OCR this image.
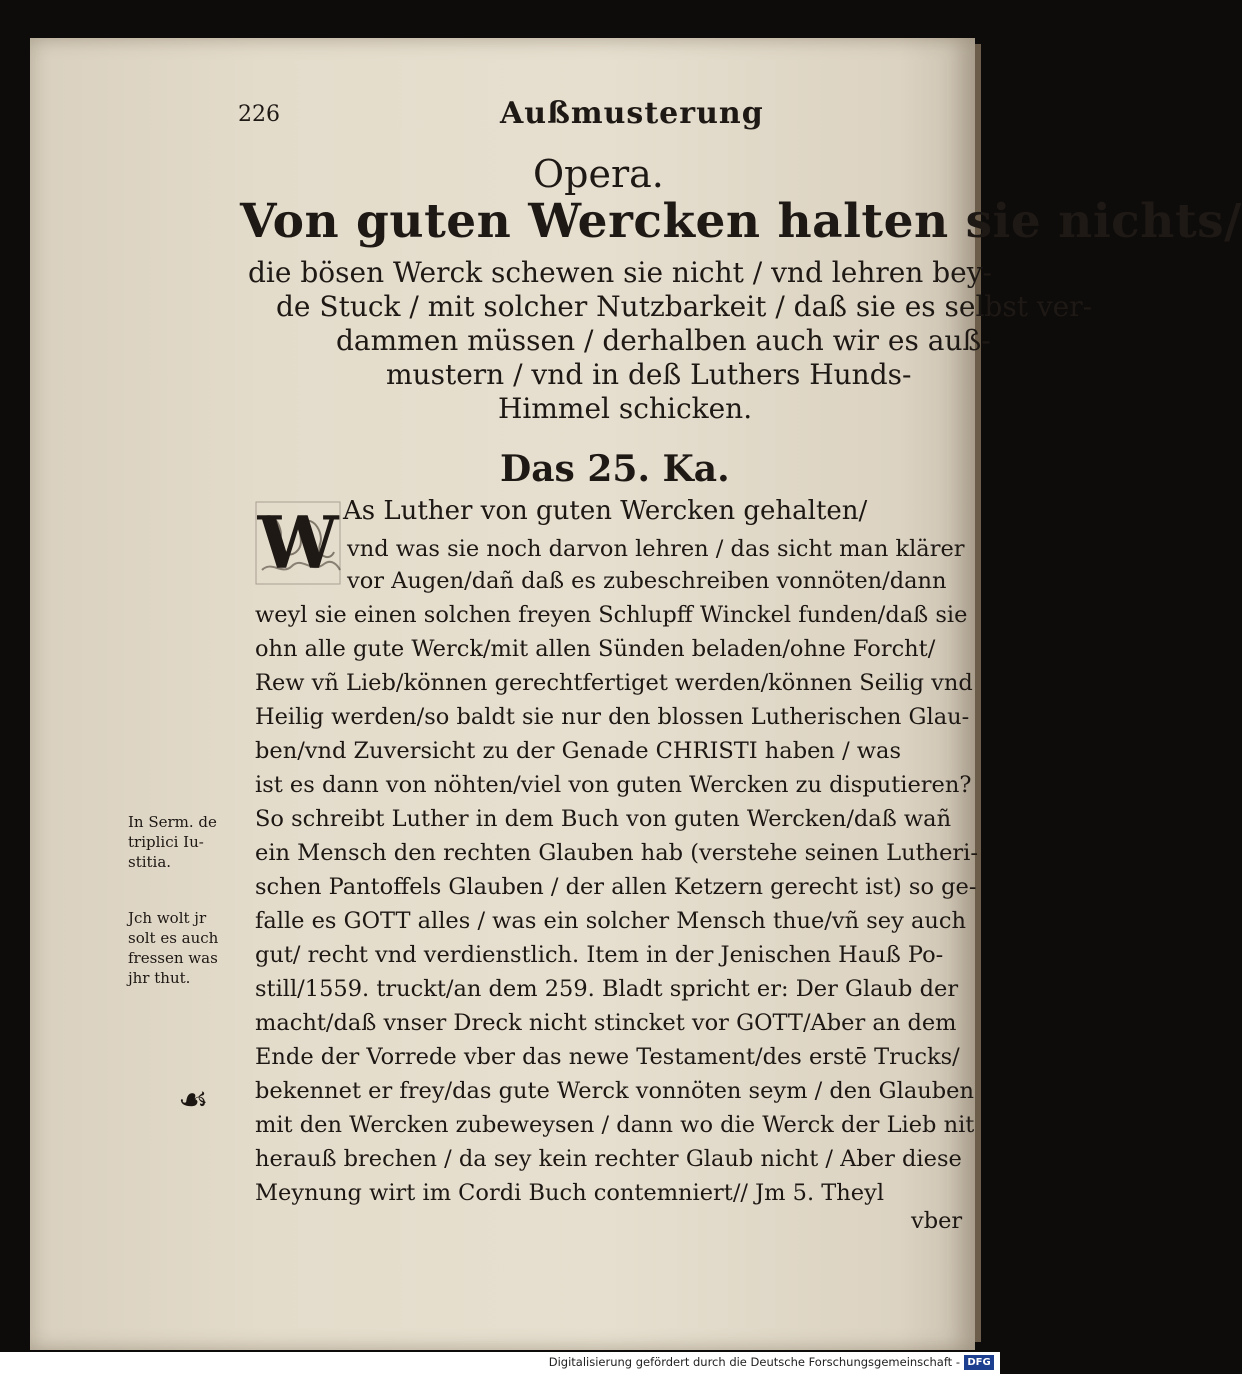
226	Außmusterung
Opera.
Von guten Wercken halten sie nichts/
die bösen Werck schewen sie nicht / vnd lehren bey-
de Stuck / mit solcher Nutzbarkeit / daß sie es selbst ver-
dammen müssen / derhalben auch wir es auß-
mustern / vnd in deß Luthers Hunds-
Himmel schicken.
Das 25. Ka.
W As Luther von guten Wercken gehalten/
vnd was sie noch darvon lehren / das sicht man klärer
vor Augen/dañ daß es zubeschreiben vonnöten/dann
weyl sie einen solchen freyen Schlupff Winckel funden/daß sie
ohn alle gute Werck/mit allen Sünden beladen/ohne Forcht/
Rew vñ Lieb/können gerechtfertiget werden/können Seilig vnd
Heilig werden/so baldt sie nur den blossen Lutherischen Glau-
ben/vnd Zuversicht zu der Genade CHRISTI haben / was
ist es dann von nöhten/viel von guten Wercken zu disputieren?
So schreibt Luther in dem Buch von guten Wercken/daß wañ
ein Mensch den rechten Glauben hab (verstehe seinen Lutheri-
schen Pantoffels Glauben / der allen Ketzern gerecht ist) so ge-
falle es GOTT alles / was ein solcher Mensch thue/vñ sey auch
gut/ recht vnd verdienstlich. Item in der Jenischen Hauß Po-
still/1559. truckt/an dem 259. Bladt spricht er: Der Glaub der
macht/daß vnser Dreck nicht stincket vor GOTT/Aber an dem
Ende der Vorrede vber das newe Testament/des erstē Trucks/
bekennet er frey/das gute Werck vonnöten seym / den Glauben
mit den Wercken zubeweysen / dann wo die Werck der Lieb nit
herauß brechen / da sey kein rechter Glaub nicht / Aber diese
Meynung wirt im Cordi Buch contemniert// Jm 5. Theyl
vber
In Serm. de
triplici Iu-
stitia.
Jch wolt jr
solt es auch
fressen was
jhr thut.
☙
Digitalisierung gefördert durch die Deutsche Forschungsgemeinschaft - DFG
